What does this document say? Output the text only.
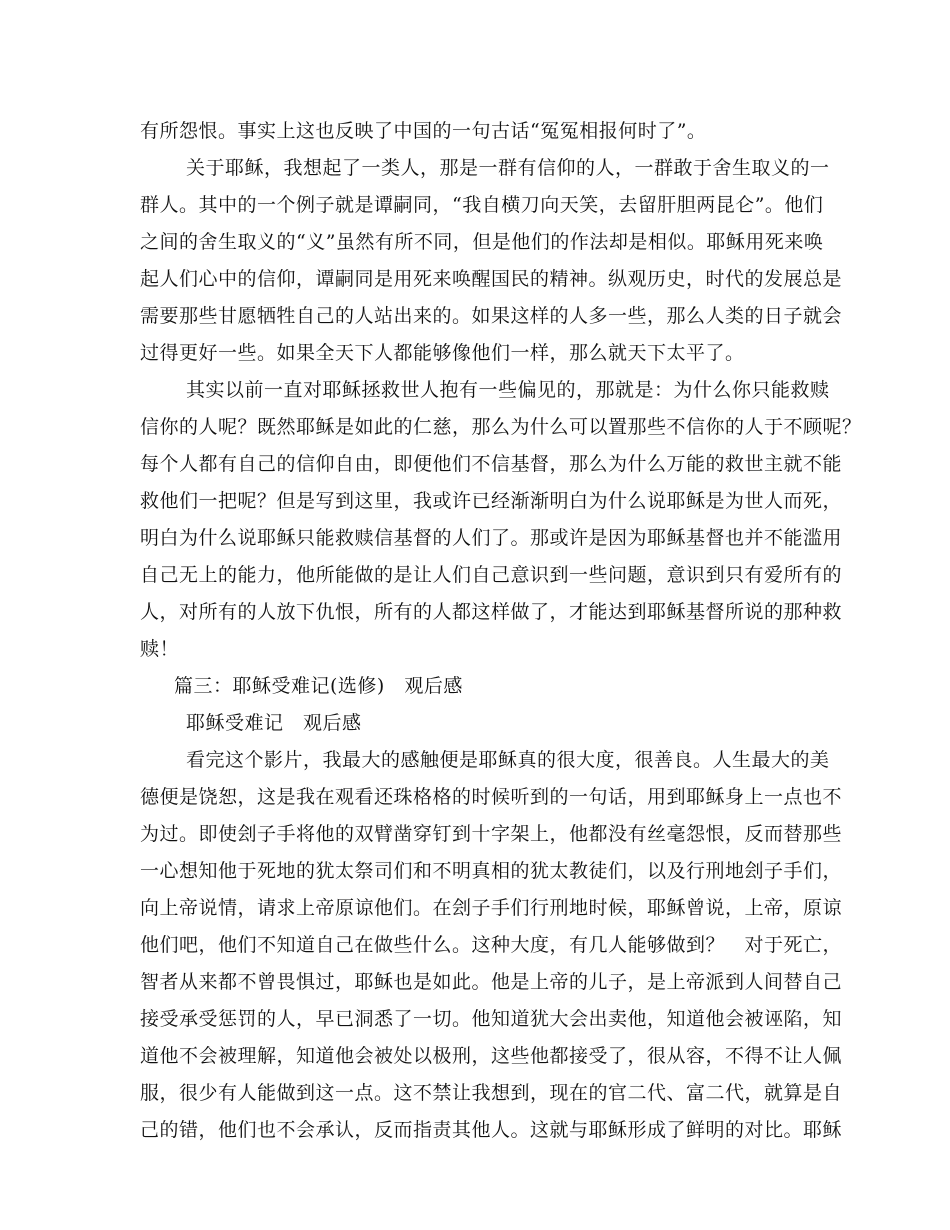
有所怨恨。事实上这也反映了中国的一句古话“冤冤相报何时了”。
关于耶稣，我想起了一类人，那是一群有信仰的人，一群敢于舍生取义的一
群人。其中的一个例子就是谭嗣同，“我自横刀向天笑，去留肝胆两昆仑”。他们
之间的舍生取义的“义”虽然有所不同，但是他们的作法却是相似。耶稣用死来唤
起人们心中的信仰，谭嗣同是用死来唤醒国民的精神。纵观历史，时代的发展总是
需要那些甘愿牺牲自己的人站出来的。如果这样的人多一些，那么人类的日子就会
过得更好一些。如果全天下人都能够像他们一样，那么就天下太平了。
其实以前一直对耶稣拯救世人抱有一些偏见的，那就是：为什么你只能救赎
信你的人呢？既然耶稣是如此的仁慈，那么为什么可以置那些不信你的人于不顾呢？
每个人都有自己的信仰自由，即便他们不信基督，那么为什么万能的救世主就不能
救他们一把呢？但是写到这里，我或许已经渐渐明白为什么说耶稣是为世人而死，
明白为什么说耶稣只能救赎信基督的人们了。那或许是因为耶稣基督也并不能滥用
自己无上的能力，他所能做的是让人们自己意识到一些问题，意识到只有爱所有的
人，对所有的人放下仇恨，所有的人都这样做了，才能达到耶稣基督所说的那种救
赎！
篇三：耶稣受难记(选修)　观后感
耶稣受难记　观后感
看完这个影片，我最大的感触便是耶稣真的很大度，很善良。人生最大的美
德便是饶恕，这是我在观看还珠格格的时候听到的一句话，用到耶稣身上一点也不
为过。即使刽子手将他的双臂凿穿钉到十字架上，他都没有丝毫怨恨，反而替那些
一心想知他于死地的犹太祭司们和不明真相的犹太教徒们，以及行刑地刽子手们，
向上帝说情，请求上帝原谅他们。在刽子手们行刑地时候，耶稣曾说，上帝，原谅
他们吧，他们不知道自己在做些什么。这种大度，有几人能够做到？　对于死亡，
智者从来都不曾畏惧过，耶稣也是如此。他是上帝的儿子，是上帝派到人间替自己
接受承受惩罚的人，早已洞悉了一切。他知道犹大会出卖他，知道他会被诬陷，知
道他不会被理解，知道他会被处以极刑，这些他都接受了，很从容，不得不让人佩
服，很少有人能做到这一点。这不禁让我想到，现在的官二代、富二代，就算是自
己的错，他们也不会承认，反而指责其他人。这就与耶稣形成了鲜明的对比。耶稣
